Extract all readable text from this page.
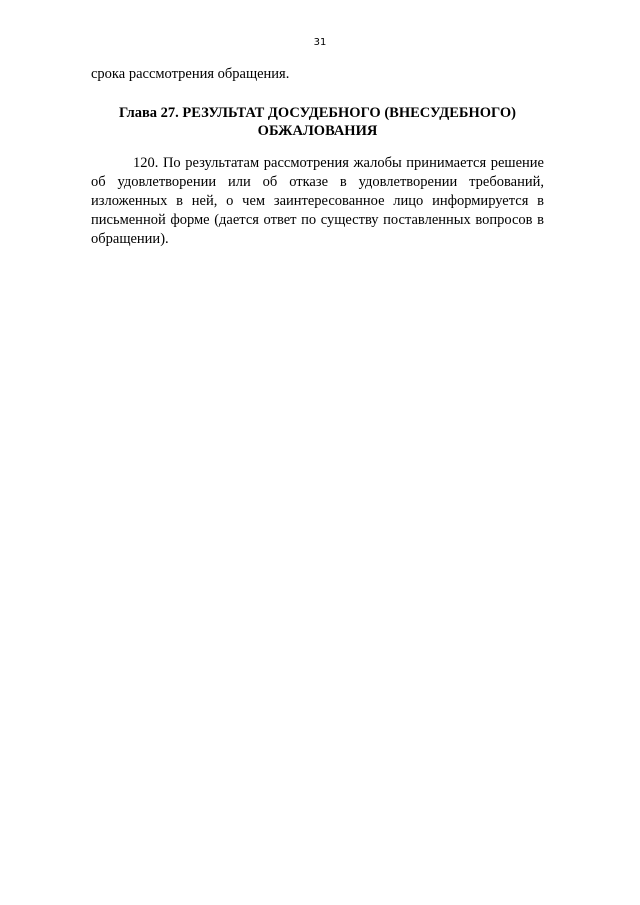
31
срока рассмотрения обращения.
Глава 27. РЕЗУЛЬТАТ ДОСУДЕБНОГО (ВНЕСУДЕБНОГО)
ОБЖАЛОВАНИЯ
120. По результатам рассмотрения жалобы принимается решение об удовлетворении или об отказе в удовлетворении требований, изложенных в ней, о чем заинтересованное лицо информируется в письменной форме (дается ответ по существу поставленных вопросов в обращении).
